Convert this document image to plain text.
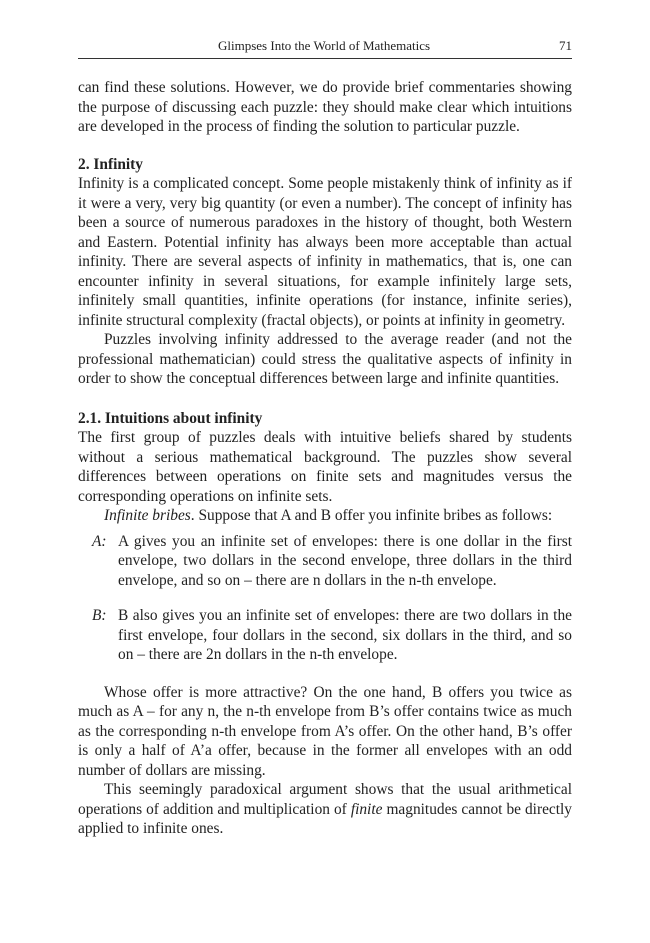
Glimpses Into the World of Mathematics	71

can find these solutions. However, we do provide brief commentaries showing the purpose of discussing each puzzle: they should make clear which intuitions are developed in the process of finding the solution to particular puzzle.

2. Infinity

Infinity is a complicated concept. Some people mistakenly think of infinity as if it were a very, very big quantity (or even a number). The concept of infinity has been a source of numerous paradoxes in the history of thought, both Western and Eastern. Potential infinity has always been more acceptable than actual infinity. There are several aspects of infinity in mathematics, that is, one can encounter infinity in several situations, for example infinitely large sets, infinitely small quantities, infinite operations (for instance, infinite series), infinite structural complexity (fractal objects), or points at infinity in geometry.

Puzzles involving infinity addressed to the average reader (and not the professional mathematician) could stress the qualitative aspects of infinity in order to show the conceptual differences between large and infinite quantities.

2.1. Intuitions about infinity

The first group of puzzles deals with intuitive beliefs shared by students without a serious mathematical background. The puzzles show several differences between operations on finite sets and magnitudes versus the corresponding operations on infinite sets.

Infinite bribes. Suppose that A and B offer you infinite bribes as follows:

A: A gives you an infinite set of envelopes: there is one dollar in the first envelope, two dollars in the second envelope, three dollars in the third envelope, and so on – there are n dollars in the n-th envelope.
B: B also gives you an infinite set of envelopes: there are two dollars in the first envelope, four dollars in the second, six dollars in the third, and so on – there are 2n dollars in the n-th envelope.

Whose offer is more attractive? On the one hand, B offers you twice as much as A – for any n, the n-th envelope from B’s offer contains twice as much as the corresponding n-th envelope from A’s offer. On the other hand, B’s offer is only a half of A’a offer, because in the former all envelopes with an odd number of dollars are missing.

This seemingly paradoxical argument shows that the usual arithmetical operations of addition and multiplication of finite magnitudes cannot be directly applied to infinite ones.
